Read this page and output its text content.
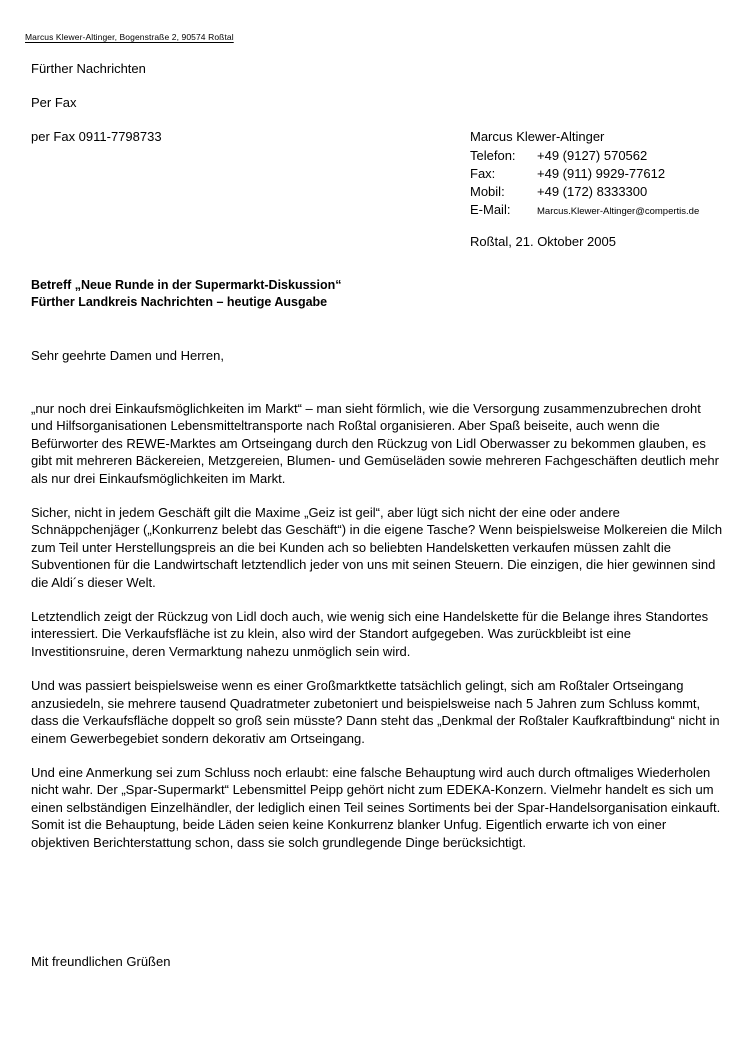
Marcus Klewer-Altinger, Bogenstraße 2, 90574 Roßtal
Fürther Nachrichten
Per Fax
per Fax 0911-7798733	Marcus Klewer-Altinger
Telefon:	+49 (9127) 570562
Fax:	+49 (911) 9929-77612
Mobil:	+49 (172) 8333300
E-Mail:	Marcus.Klewer-Altinger@compertis.de
Roßtal, 21. Oktober 2005
Betreff „Neue Runde in der Supermarkt-Diskussion“
Fürther Landkreis Nachrichten – heutige Ausgabe
Sehr geehrte Damen und Herren,

„nur noch drei Einkaufsmöglichkeiten im Markt“ – man sieht förmlich, wie die Versorgung zusammenzubrechen droht und Hilfsorganisationen Lebensmitteltransporte nach Roßtal organisieren. Aber Spaß beiseite, auch wenn die Befürworter des REWE-Marktes am Ortseingang durch den Rückzug von Lidl Oberwasser zu bekommen glauben, es gibt mit mehreren Bäckereien, Metzgereien, Blumen- und Gemüseläden sowie mehreren Fachgeschäften deutlich mehr als nur drei Einkaufsmöglichkeiten im Markt.

Sicher, nicht in jedem Geschäft gilt die Maxime „Geiz ist geil“, aber lügt sich nicht der eine oder andere Schnäppchenjäger („Konkurrenz belebt das Geschäft“) in die eigene Tasche? Wenn beispielsweise Molkereien die Milch zum Teil unter Herstellungspreis an die bei Kunden ach so beliebten Handelsketten verkaufen müssen zahlt die Subventionen für die Landwirtschaft letztendlich jeder von uns mit seinen Steuern. Die einzigen, die hier gewinnen sind die Aldi´s dieser Welt.

Letztendlich zeigt der Rückzug von Lidl doch auch, wie wenig sich eine Handelskette für die Belange ihres Standortes interessiert. Die Verkaufsfläche ist zu klein, also wird der Standort aufgegeben. Was zurückbleibt ist eine Investitionsruine, deren Vermarktung nahezu unmöglich sein wird.

Und was passiert beispielsweise wenn es einer Großmarktkette tatsächlich gelingt, sich am Roßtaler Ortseingang anzusiedeln, sie mehrere tausend Quadratmeter zubetoniert und beispielsweise nach 5 Jahren zum Schluss kommt, dass die Verkaufsfläche doppelt so groß sein müsste? Dann steht das „Denkmal der Roßtaler Kaufkraftbindung“ nicht in einem Gewerbegebiet sondern dekorativ am Ortseingang.

Und eine Anmerkung sei zum Schluss noch erlaubt: eine falsche Behauptung wird auch durch oftmaliges Wiederholen nicht wahr. Der „Spar-Supermarkt“ Lebensmittel Peipp gehört nicht zum EDEKA-Konzern. Vielmehr handelt es sich um einen selbständigen Einzelhändler, der lediglich einen Teil seines Sortiments bei der Spar-Handelsorganisation einkauft. Somit ist die Behauptung, beide Läden seien keine Konkurrenz blanker Unfug. Eigentlich erwarte ich von einer objektiven Berichterstattung schon, dass sie solch grundlegende Dinge berücksichtigt.

Mit freundlichen Grüßen
